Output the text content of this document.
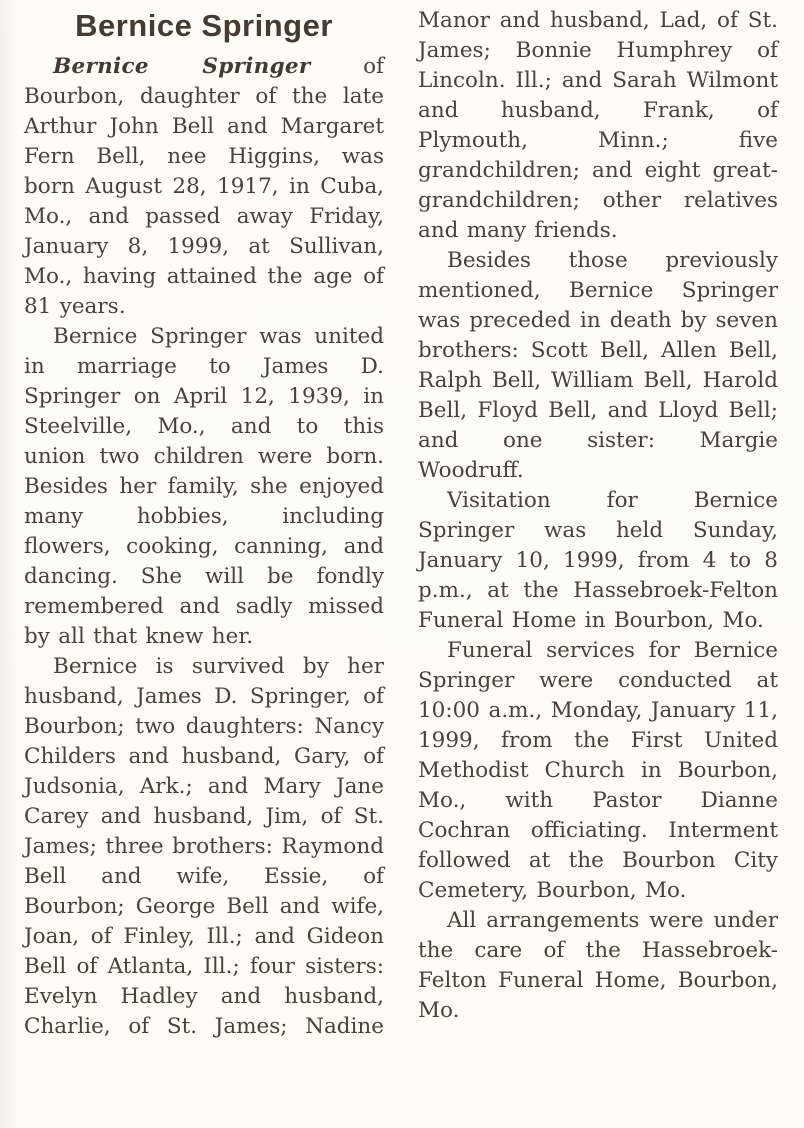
Bernice Springer

Bernice Springer of Bourbon, daughter of the late Arthur John Bell and Margaret Fern Bell, nee Higgins, was born August 28, 1917, in Cuba, Mo., and passed away Friday, January 8, 1999, at Sullivan, Mo., having attained the age of 81 years.

Bernice Springer was united in marriage to James D. Springer on April 12, 1939, in Steelville, Mo., and to this union two children were born. Besides her family, she enjoyed many hobbies, including flowers, cooking, canning, and dancing. She will be fondly remembered and sadly missed by all that knew her.

Bernice is survived by her husband, James D. Springer, of Bourbon; two daughters: Nancy Childers and husband, Gary, of Judsonia, Ark.; and Mary Jane Carey and husband, Jim, of St. James; three brothers: Raymond Bell and wife, Essie, of Bourbon; George Bell and wife, Joan, of Finley, Ill.; and Gideon Bell of Atlanta, Ill.; four sisters: Evelyn Hadley and husband, Charlie, of St. James; Nadine Manor and husband, Lad, of St. James; Bonnie Humphrey of Lincoln. Ill.; and Sarah Wilmont and husband, Frank, of Plymouth, Minn.; five grandchildren; and eight great-grandchildren; other relatives and many friends.

Besides those previously mentioned, Bernice Springer was preceded in death by seven brothers: Scott Bell, Allen Bell, Ralph Bell, William Bell, Harold Bell, Floyd Bell, and Lloyd Bell; and one sister: Margie Woodruff.

Visitation for Bernice Springer was held Sunday, January 10, 1999, from 4 to 8 p.m., at the Hassebroek-Felton Funeral Home in Bourbon, Mo.

Funeral services for Bernice Springer were conducted at 10:00 a.m., Monday, January 11, 1999, from the First United Methodist Church in Bourbon, Mo., with Pastor Dianne Cochran officiating. Interment followed at the Bourbon City Cemetery, Bourbon, Mo.

All arrangements were under the care of the Hassebroek-Felton Funeral Home, Bourbon, Mo.
